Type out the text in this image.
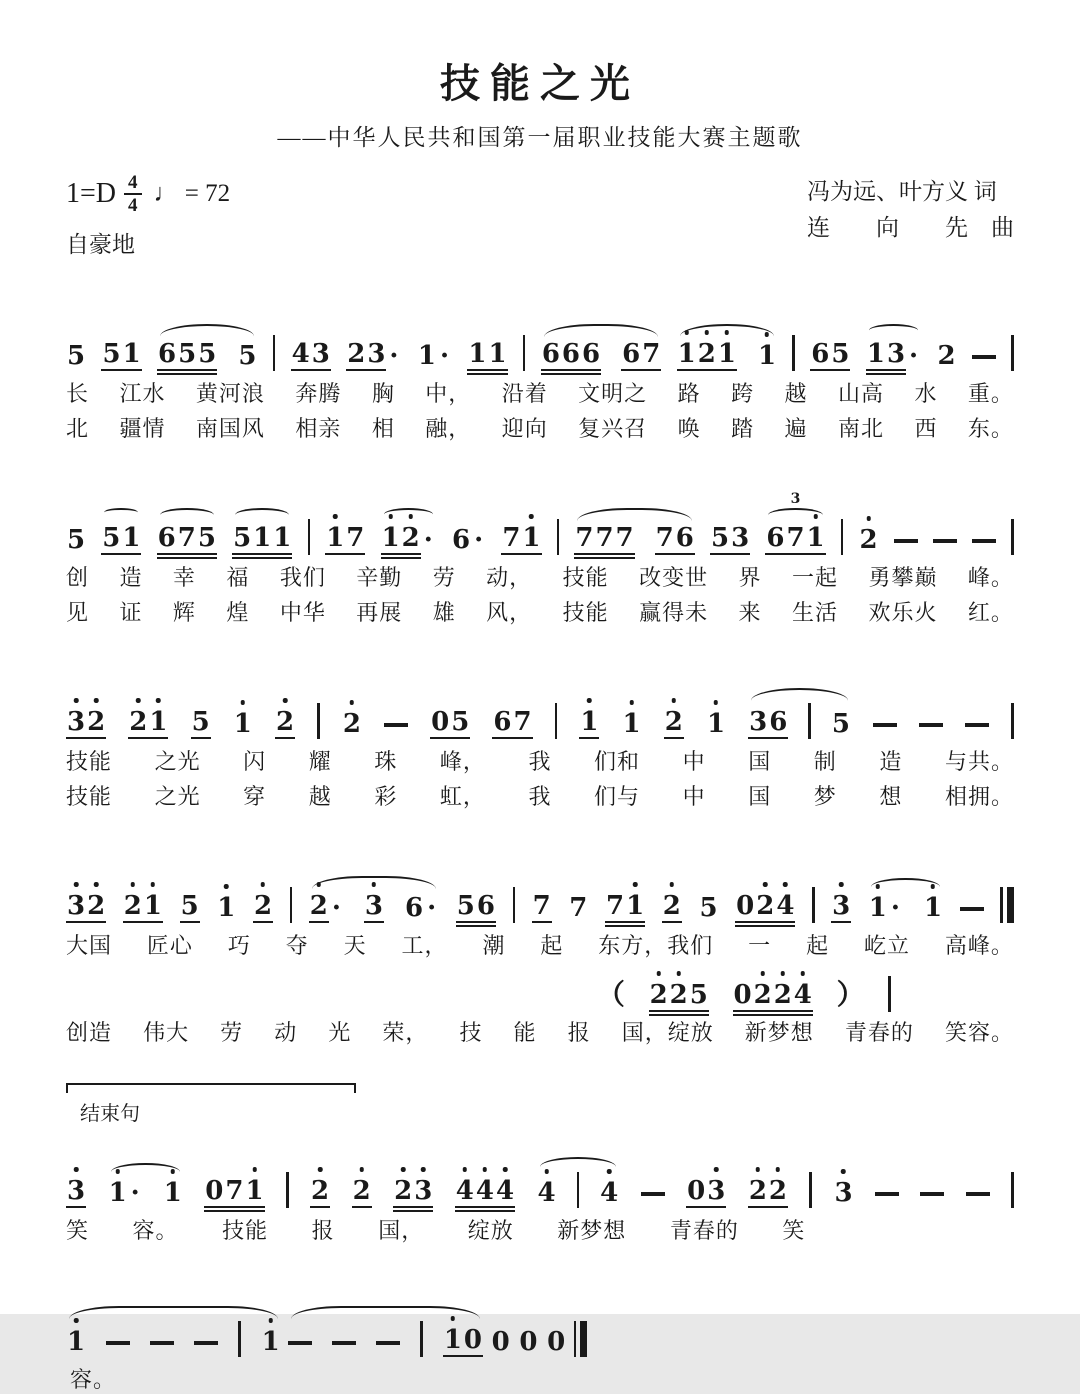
技能之光
——中华人民共和国第一届职业技能大赛主题歌
$1=D \frac{4}{4}$ ♩ = 72
自豪地
冯为远、叶方义 词
连　　向　　先　曲
5 5 1 6 5 5 5 4 3 2 3 · 1 · 1 1 6 6 6 6 7 1 2 1 1 6 5 1 3 · 2
长 江水 黄河浪 奔腾 胸 中， 沿着 文明之 路 跨 越 山高 水 重。
北 疆情 南国风 相亲 相 融， 迎向 复兴召 唤 踏 遍 南北 西 东。
5 5 1 6 7 5 5 1 1 1 7 1 2 · 6 · 7 1 7 7 7 7 6 5 3 6 7 1
3 2
创 造 幸 福 我们 辛勤 劳 动， 技能 改变世 界 一起 勇攀巅 峰。
见 证 辉 煌 中华 再展 雄 风， 技能 赢得未 来 生活 欢乐火 红。
3 2 2 1 5 1 2 2	0 5 6 7 1 1 2 1 3 6 5
技能 之光 闪 耀 珠 峰， 我 们和 中 国 制 造 与共。
技能 之光 穿 越 彩 虹， 我 们与 中 国 梦 想 相拥。
3 2 2 1 5 1 2 2 · 3 6 · 5 6 7 7 7 1 2 5 0 2 4 3 1 · 1
大国 匠心 巧 夺 天 工， 潮 起 东方，我们 一 起 屹立 高峰。
（ 2 2 5 0 2 2 4 ）
创造 伟大 劳 动 光 荣， 技 能 报 国，绽放 新梦想 青春的 笑容。
结束句
3 1 · 1 0 7 1 2 2 2 3 4 4 4 4 4	0 3 2 2 3
笑 容。 技能 报 国， 绽放 新梦想 青春的 笑
1	1	1 0 0 0 0
容。
